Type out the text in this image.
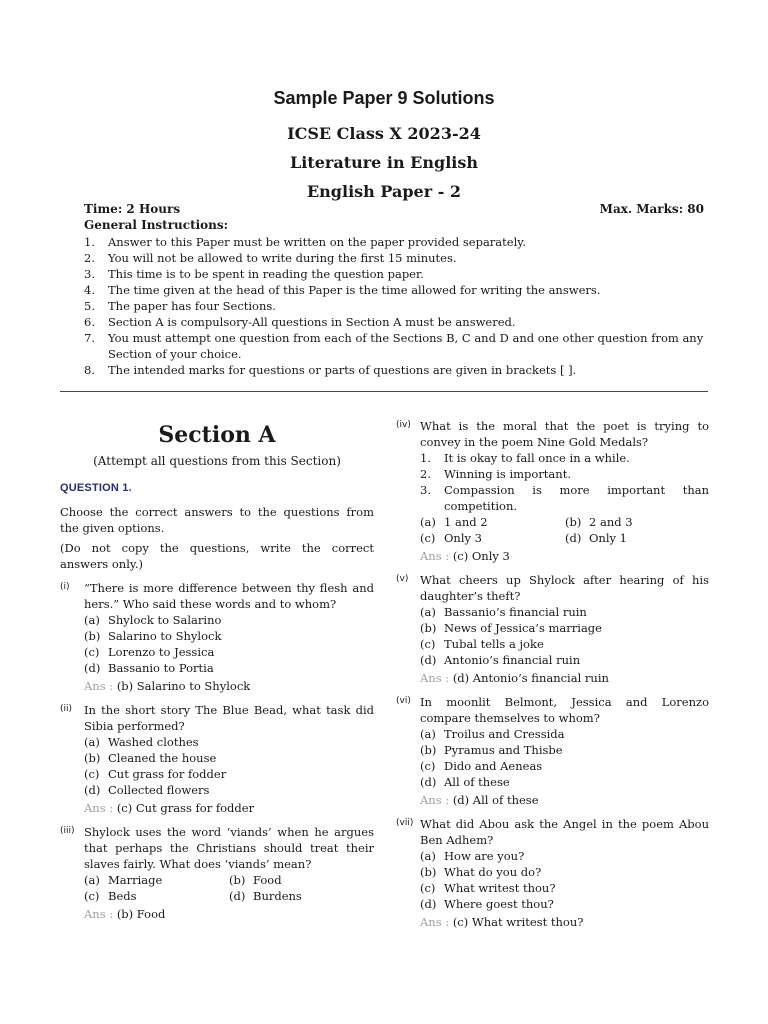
Sample Paper 9 Solutions
ICSE Class X 2023-24
Literature in English
English Paper - 2
Time: 2 Hours	Max. Marks: 80
General Instructions:
1. Answer to this Paper must be written on the paper provided separately.
2. You will not be allowed to write during the first 15 minutes.
3. This time is to be spent in reading the question paper.
4. The time given at the head of this Paper is the time allowed for writing the answers.
5. The paper has four Sections.
6. Section A is compulsory-All questions in Section A must be answered.
7. You must attempt one question from each of the Sections B, C and D and one other question from any Section of your choice.
8. The intended marks for questions or parts of questions are given in brackets [ ].
Section A
(Attempt all questions from this Section)
QUESTION 1.
Choose the correct answers to the questions from the given options.
(Do not copy the questions, write the correct answers only.)
(i) “There is more difference between thy flesh and hers.” Who said these words and to whom?
(a) Shylock to Salarino
(b) Salarino to Shylock
(c) Lorenzo to Jessica
(d) Bassanio to Portia
Ans : (b) Salarino to Shylock
(ii) In the short story The Blue Bead, what task did Sibia performed?
(a) Washed clothes
(b) Cleaned the house
(c) Cut grass for fodder
(d) Collected flowers
Ans : (c) Cut grass for fodder
(iii) Shylock uses the word ‘viands’ when he argues that perhaps the Christians should treat their slaves fairly. What does ‘viands’ mean?
(a) Marriage	(b) Food
(c) Beds	(d) Burdens
Ans : (b) Food
(iv) What is the moral that the poet is trying to convey in the poem Nine Gold Medals?
1. It is okay to fall once in a while.
2. Winning is important.
3. Compassion is more important than competition.
(a) 1 and 2	(b) 2 and 3
(c) Only 3	(d) Only 1
Ans : (c) Only 3
(v) What cheers up Shylock after hearing of his daughter’s theft?
(a) Bassanio’s financial ruin
(b) News of Jessica’s marriage
(c) Tubal tells a joke
(d) Antonio’s financial ruin
Ans : (d) Antonio’s financial ruin
(vi) In moonlit Belmont, Jessica and Lorenzo compare themselves to whom?
(a) Troilus and Cressida
(b) Pyramus and Thisbe
(c) Dido and Aeneas
(d) All of these
Ans : (d) All of these
(vii) What did Abou ask the Angel in the poem Abou Ben Adhem?
(a) How are you?
(b) What do you do?
(c) What writest thou?
(d) Where goest thou?
Ans : (c) What writest thou?
